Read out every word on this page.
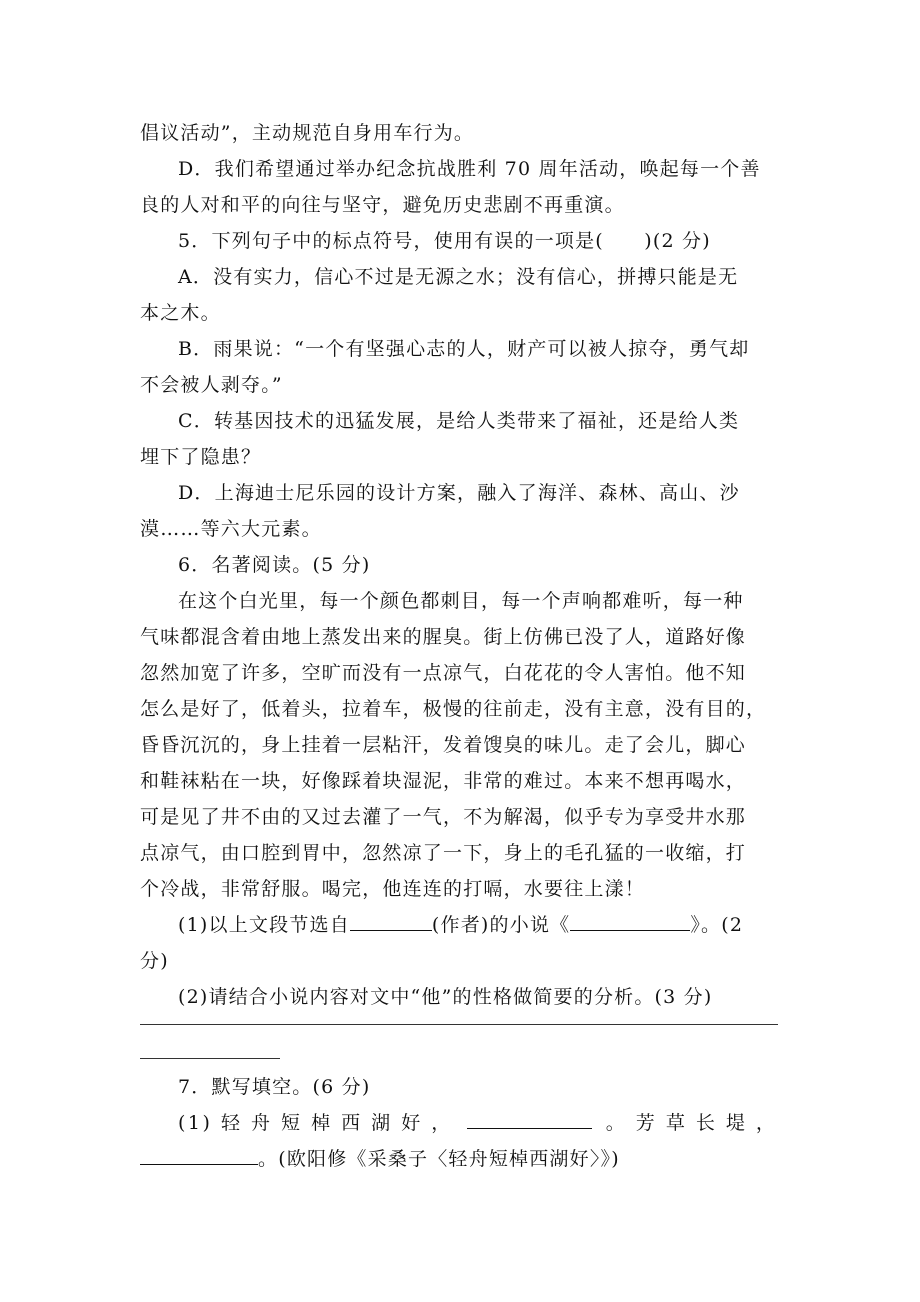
倡议活动”，主动规范自身用车行为。
D．我们希望通过举办纪念抗战胜利 70 周年活动，唤起每一个善
良的人对和平的向往与坚守，避免历史悲剧不再重演。
5．下列句子中的标点符号，使用有误的一项是(　　)(2 分)
A．没有实力，信心不过是无源之水；没有信心，拼搏只能是无
本之木。
B．雨果说：“一个有坚强心志的人，财产可以被人掠夺，勇气却
不会被人剥夺。”
C．转基因技术的迅猛发展，是给人类带来了福祉，还是给人类
埋下了隐患？
D．上海迪士尼乐园的设计方案，融入了海洋、森林、高山、沙
漠……等六大元素。
6．名著阅读。(5 分)
在这个白光里，每一个颜色都刺目，每一个声响都难听，每一种
气味都混含着由地上蒸发出来的腥臭。街上仿佛已没了人，道路好像
忽然加宽了许多，空旷而没有一点凉气，白花花的令人害怕。他不知
怎么是好了，低着头，拉着车，极慢的往前走，没有主意，没有目的，
昏昏沉沉的，身上挂着一层粘汗，发着馊臭的味儿。走了会儿，脚心
和鞋袜粘在一块，好像踩着块湿泥，非常的难过。本来不想再喝水，
可是见了井不由的又过去灌了一气，不为解渴，似乎专为享受井水那
点凉气，由口腔到胃中，忽然凉了一下，身上的毛孔猛的一收缩，打
个冷战，非常舒服。喝完，他连连的打嗝，水要往上漾！
(1)以上文段节选自	(作者)的小说《	》。(2
分)
(2)请结合小说内容对文中“他”的性格做简要的分析。(3 分)
7．默写填空。(6 分)
(1) 轻 舟 短 棹 西 湖 好 ，	。 芳 草 长 堤 ，
。(欧阳修《采桑子〈轻舟短棹西湖好〉》)
